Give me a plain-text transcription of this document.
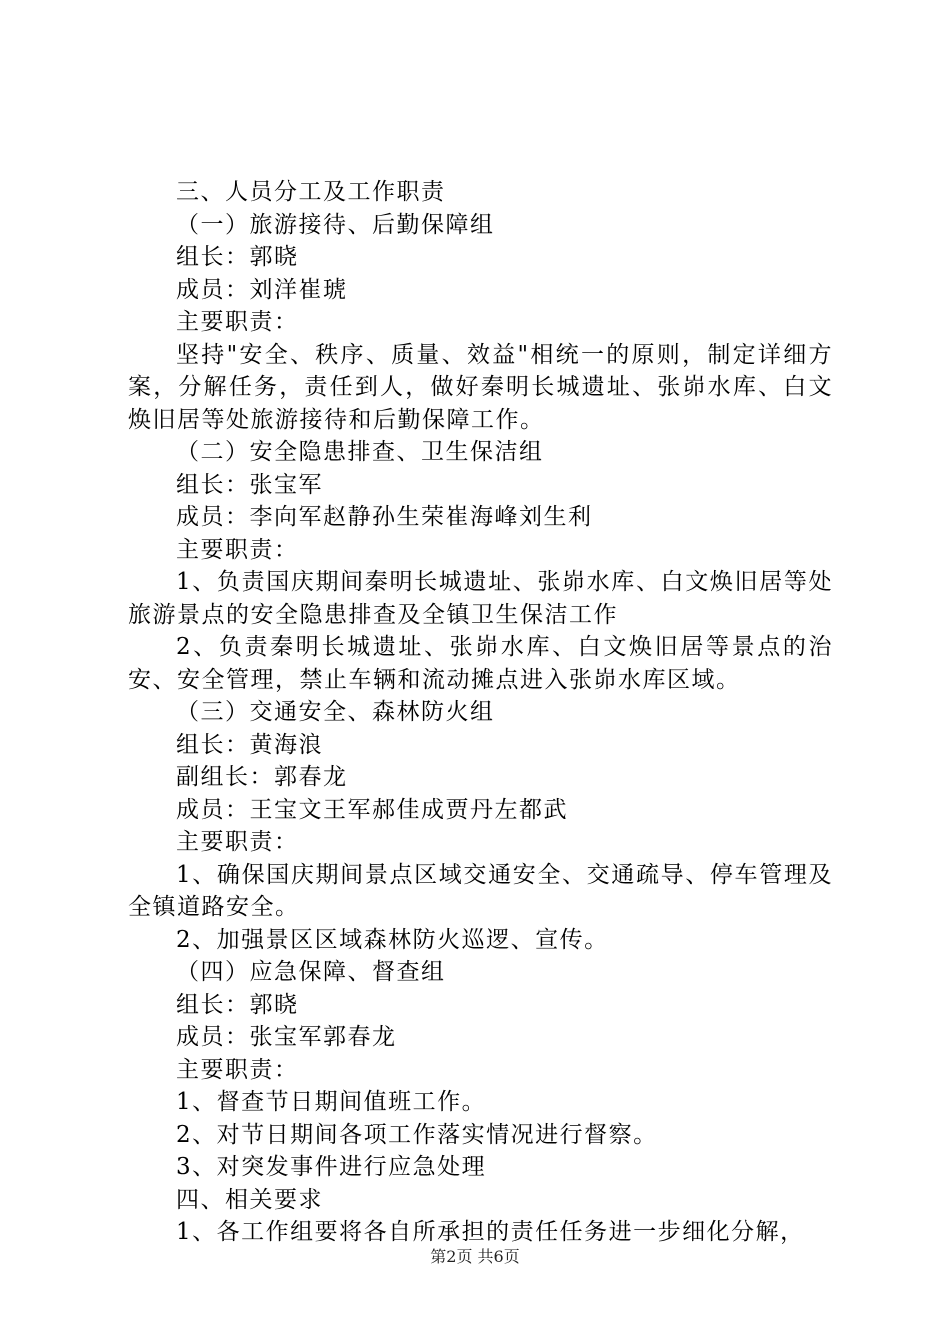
三、人员分工及工作职责
（一）旅游接待、后勤保障组
组长：郭晓
成员：刘洋崔琥
主要职责：
坚持"安全、秩序、质量、效益"相统一的原则，制定详细方案，分解任务，责任到人，做好秦明长城遗址、张峁水库、白文焕旧居等处旅游接待和后勤保障工作。
（二）安全隐患排查、卫生保洁组
组长：张宝军
成员：李向军赵静孙生荣崔海峰刘生利
主要职责：
1、负责国庆期间秦明长城遗址、张峁水库、白文焕旧居等处旅游景点的安全隐患排查及全镇卫生保洁工作
2、负责秦明长城遗址、张峁水库、白文焕旧居等景点的治安、安全管理，禁止车辆和流动摊点进入张峁水库区域。
（三）交通安全、森林防火组
组长：黄海浪
副组长：郭春龙
成员：王宝文王军郝佳成贾丹左都武
主要职责：
1、确保国庆期间景点区域交通安全、交通疏导、停车管理及全镇道路安全。
2、加强景区区域森林防火巡逻、宣传。
（四）应急保障、督查组
组长：郭晓
成员：张宝军郭春龙
主要职责：
1、督查节日期间值班工作。
2、对节日期间各项工作落实情况进行督察。
3、对突发事件进行应急处理
四、相关要求
1、各工作组要将各自所承担的责任任务进一步细化分解，
第2页 共6页
